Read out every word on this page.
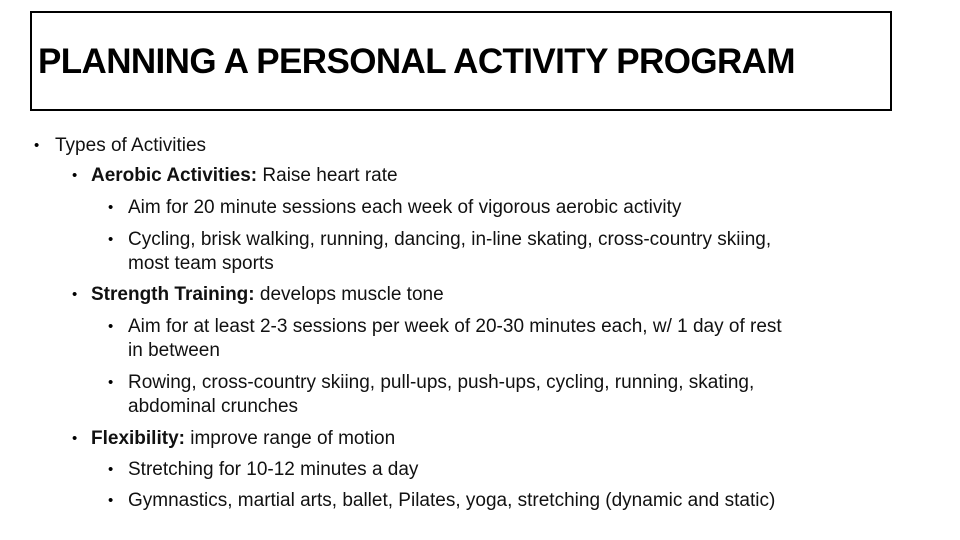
PLANNING A PERSONAL ACTIVITY PROGRAM
• Types of Activities
• Aerobic Activities: Raise heart rate
• Aim for 20 minute sessions each week of vigorous aerobic activity
• Cycling, brisk walking, running, dancing, in-line skating, cross-country skiing,
most team sports
• Strength Training: develops muscle tone
• Aim for at least 2-3 sessions per week of 20-30 minutes each, w/ 1 day of rest
in between
• Rowing, cross-country skiing, pull-ups, push-ups, cycling, running, skating,
abdominal crunches
• Flexibility: improve range of motion
• Stretching for 10-12 minutes a day
• Gymnastics, martial arts, ballet, Pilates, yoga, stretching (dynamic and static)
